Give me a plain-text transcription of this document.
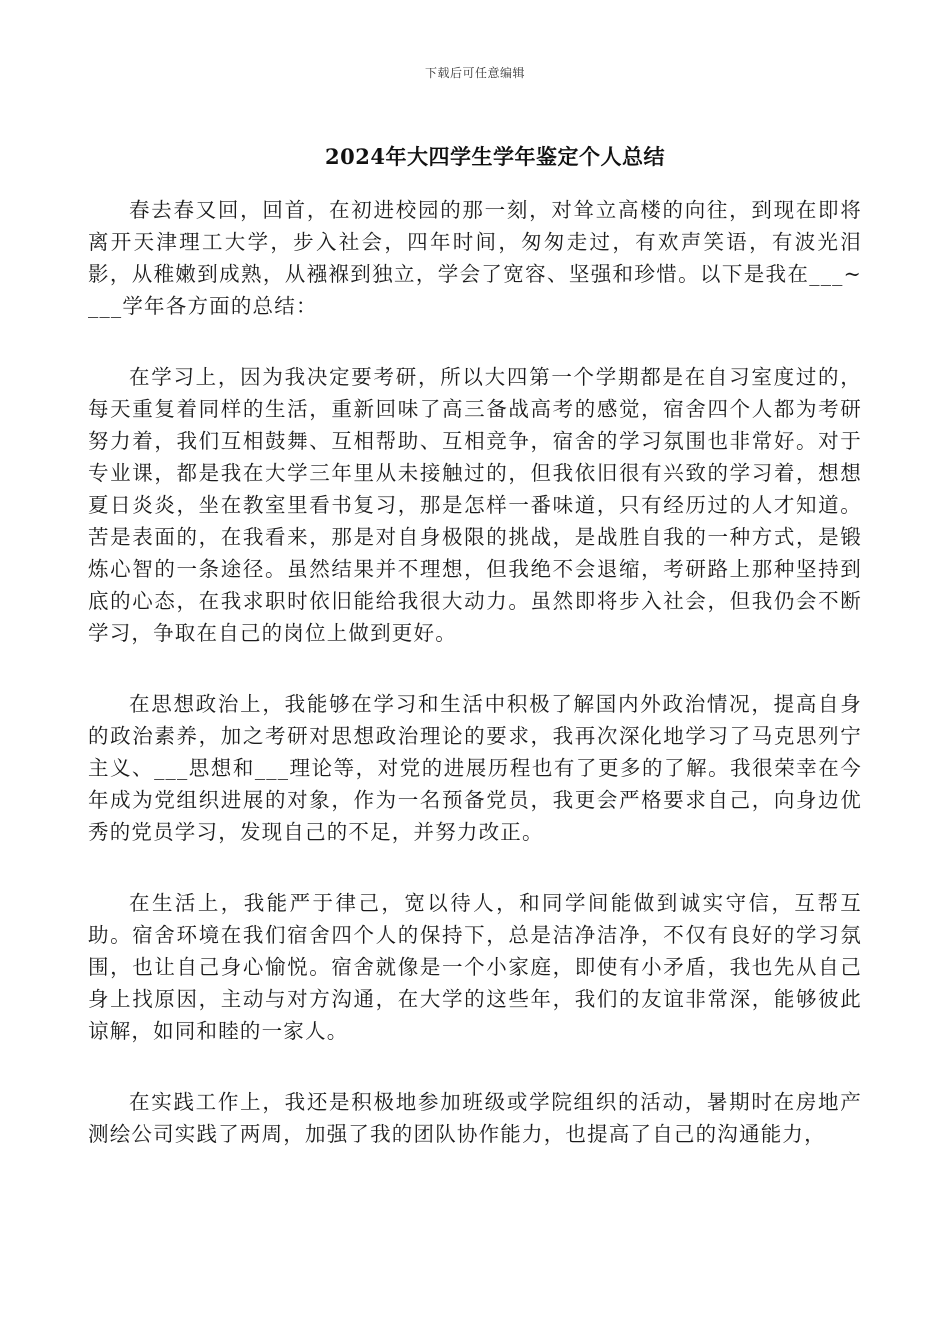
下载后可任意编辑
2024年大四学生学年鉴定个人总结

春去春又回，回首，在初进校园的那一刻，对耸立高楼的向往，到现在即将离开天津理工大学，步入社会，四年时间，匆匆走过，有欢声笑语，有波光泪影，从稚嫩到成熟，从襁褓到独立，学会了宽容、坚强和珍惜。以下是我在___~___学年各方面的总结：

在学习上，因为我决定要考研，所以大四第一个学期都是在自习室度过的，每天重复着同样的生活，重新回味了高三备战高考的感觉，宿舍四个人都为考研努力着，我们互相鼓舞、互相帮助、互相竞争，宿舍的学习氛围也非常好。对于专业课，都是我在大学三年里从未接触过的，但我依旧很有兴致的学习着，想想夏日炎炎，坐在教室里看书复习，那是怎样一番味道，只有经历过的人才知道。苦是表面的，在我看来，那是对自身极限的挑战，是战胜自我的一种方式，是锻炼心智的一条途径。虽然结果并不理想，但我绝不会退缩，考研路上那种坚持到底的心态，在我求职时依旧能给我很大动力。虽然即将步入社会，但我仍会不断学习，争取在自己的岗位上做到更好。

在思想政治上，我能够在学习和生活中积极了解国内外政治情况，提高自身的政治素养，加之考研对思想政治理论的要求，我再次深化地学习了马克思列宁主义、___思想和___理论等，对党的进展历程也有了更多的了解。我很荣幸在今年成为党组织进展的对象，作为一名预备党员，我更会严格要求自己，向身边优秀的党员学习，发现自己的不足，并努力改正。

在生活上，我能严于律己，宽以待人，和同学间能做到诚实守信，互帮互助。宿舍环境在我们宿舍四个人的保持下，总是洁净洁净，不仅有良好的学习氛围，也让自己身心愉悦。宿舍就像是一个小家庭，即使有小矛盾，我也先从自己身上找原因，主动与对方沟通，在大学的这些年，我们的友谊非常深，能够彼此谅解，如同和睦的一家人。

在实践工作上，我还是积极地参加班级或学院组织的活动，暑期时在房地产测绘公司实践了两周，加强了我的团队协作能力，也提高了自己的沟通能力，
